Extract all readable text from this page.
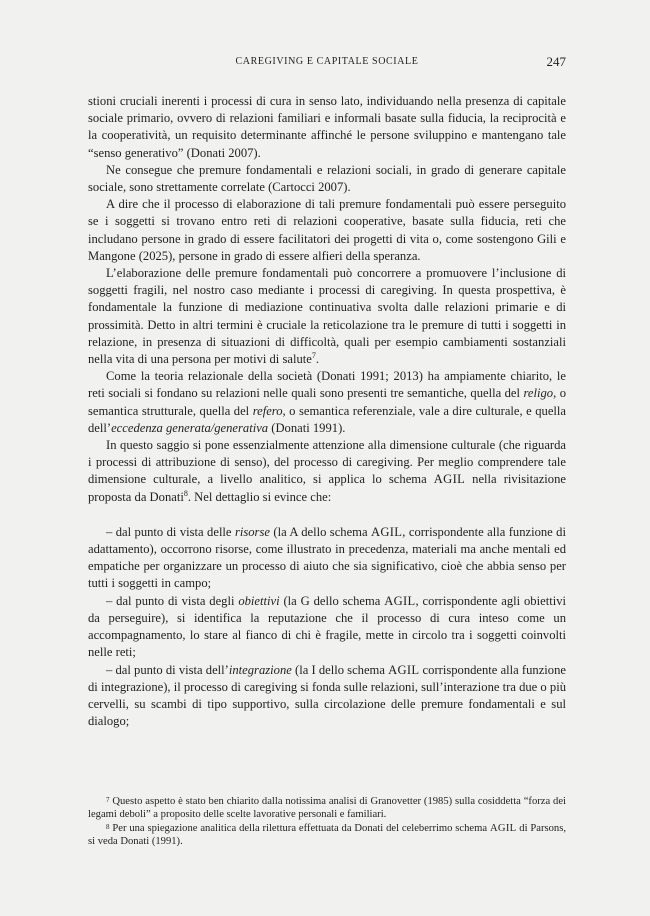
CAREGIVING E CAPITALE SOCIALE	247

stioni cruciali inerenti i processi di cura in senso lato, individuando nella presenza di capitale sociale primario, ovvero di relazioni familiari e informali basate sulla fiducia, la reciprocità e la cooperatività, un requisito determinante affinché le persone sviluppino e mantengano tale “senso generativo” (Donati 2007).

Ne consegue che premure fondamentali e relazioni sociali, in grado di generare capitale sociale, sono strettamente correlate (Cartocci 2007).

A dire che il processo di elaborazione di tali premure fondamentali può essere perseguito se i soggetti si trovano entro reti di relazioni cooperative, basate sulla fiducia, reti che includano persone in grado di essere facilitatori dei progetti di vita o, come sostengono Gili e Mangone (2025), persone in grado di essere alfieri della speranza.

L’elaborazione delle premure fondamentali può concorrere a promuovere l’inclusione di soggetti fragili, nel nostro caso mediante i processi di caregiving. In questa prospettiva, è fondamentale la funzione di mediazione continuativa svolta dalle relazioni primarie e di prossimità. Detto in altri termini è cruciale la reticolazione tra le premure di tutti i soggetti in relazione, in presenza di situazioni di difficoltà, quali per esempio cambiamenti sostanziali nella vita di una persona per motivi di salute$^7$.

Come la teoria relazionale della società (Donati 1991; 2013) ha ampiamente chiarito, le reti sociali si fondano su relazioni nelle quali sono presenti tre semantiche, quella del religo, o semantica strutturale, quella del refero, o semantica referenziale, vale a dire culturale, e quella dell’eccedenza generata/generativa (Donati 1991).

In questo saggio si pone essenzialmente attenzione alla dimensione culturale (che riguarda i processi di attribuzione di senso), del processo di caregiving. Per meglio comprendere tale dimensione culturale, a livello analitico, si applica lo schema AGIL nella rivisitazione proposta da Donati$^8$. Nel dettaglio si evince che:

– dal punto di vista delle risorse (la A dello schema AGIL, corrispondente alla funzione di adattamento), occorrono risorse, come illustrato in precedenza, materiali ma anche mentali ed empatiche per organizzare un processo di aiuto che sia significativo, cioè che abbia senso per tutti i soggetti in campo;

– dal punto di vista degli obiettivi (la G dello schema AGIL, corrispondente agli obiettivi da perseguire), si identifica la reputazione che il processo di cura inteso come un accompagnamento, lo stare al fianco di chi è fragile, mette in circolo tra i soggetti coinvolti nelle reti;

– dal punto di vista dell’integrazione (la I dello schema AGIL corrispondente alla funzione di integrazione), il processo di caregiving si fonda sulle relazioni, sull’interazione tra due o più cervelli, su scambi di tipo supportivo, sulla circolazione delle premure fondamentali e sul dialogo;

$^7$ Questo aspetto è stato ben chiarito dalla notissima analisi di Granovetter (1985) sulla cosiddetta “forza dei legami deboli” a proposito delle scelte lavorative personali e familiari.

$^8$ Per una spiegazione analitica della rilettura effettuata da Donati del celeberrimo schema AGIL di Parsons, si veda Donati (1991).
